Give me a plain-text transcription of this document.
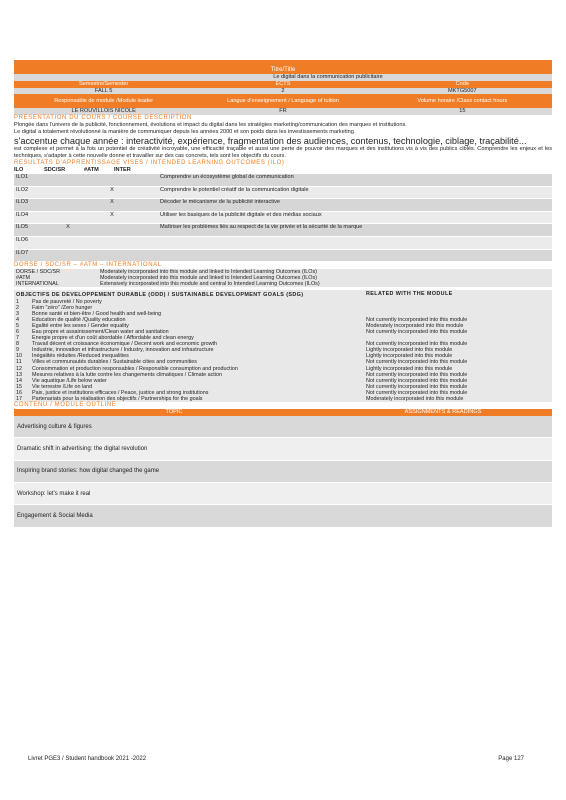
Titre/Title
Le digital dans la communication publicitaire
Semestre/Semester	ECTS	Code
FALL 5	2	MKTG5007
Responsable de module /Module leader	Langue d'enseignement / Language of tuition	Volume horaire /Class contact hours
LE ROUVILLOIS NICOLE	FR	15
PRESENTATION DU COURS / COURSE DESCRIPTION
Plongée dans l'univers de la publicité, fonctionnement, évolutions et impact du digital dans les stratégies marketing/communication des marques et institutions.
Le digital a totalement révolutionné la manière de communiquer depuis les années 2000 et son poids dans les investissements marketing
s'accentue chaque année : interactivité, expérience, fragmentation des audiences, contenus, technologie, ciblage, traçabilité...
est complexe et permet à la fois un potentiel de créativité incroyable, une efficacité traçable et aussi une perte de pouvoir des marques et des institutions vis à vis des publics ciblés. Comprendre les enjeux et les techniques, s'adapter à cette nouvelle donne et travailler sur des cas concrets, tels sont les objectifs du cours.
RESULTATS D'APPRENTISSAGE VISES / INTENDED LEARNING OUTCOMES (ILO)
ILO	SDC/SR	#ATM	INTER
ILO1				Comprendre un écosystème global de communication
ILO2		X		Comprendre le potentiel créatif de la communication digitale
ILO3		X		Décoder le mécanisme de la publicité interactive
ILO4		X		Utiliser les basiques de la publicité digitale et des médias sociaux
ILO5	X			Maîtriser les problèmes liés au respect de la vie privée et la sécurité de la marque
ILO6				
ILO7				
DORSE / SDC/SR – #ATM – INTERNATIONAL
DORSE / SDC/SR	Moderately incorporated into this module and linked to Intended Learning Outcomes (ILOs)
#ATM	Moderately incorporated into this module and linked to Intended Learning Outcomes (ILOs)
INTERNATIONAL	Extensively incorporated into this module and central to Intended Learning Outcomes (ILOs)
OBJECTIFS DE DEVELOPPEMENT DURABLE (ODD) / SUSTAINABLE DEVELOPMENT GOALS (SDG)		RELATED WITH THE MODULE
1	Pas de pauvreté / No poverty	
2	Faim "zéro" /Zero hunger	
3	Bonne santé et bien-être / Good health and well-being	
4	Education de qualité /Quality education	Not currently incorporated into this module
5	Egalité entre les sexes / Gender equality	Moderately incorporated into this module
6	Eau propre et assainissement/Clean water and sanitation	Not currently incorporated into this module
7	Energie propre et d'un coût abordable / Affordable and clean energy	
8	Travail décent et croissance économique / Decent work and economic growth	Not currently incorporated into this module
9	Industrie, innovation et infrastructure / Industry, innovation and infrastructure	Lightly incorporated into this module
10	Inégalités réduites /Reduced inequalities	Lightly incorporated into this module
11	Villes et communautés durables / Sustainable cities and communities	Not currently incorporated into this module
12	Consommation et production responsables / Responsible consumption and production	Lightly incorporated into this module
13	Mesures relatives à la lutte contre les changements climatiques / Climate action	Not currently incorporated into this module
14	Vie aquatique /Life below water	Not currently incorporated into this module
15	Vie terrestre /Life on land	Not currently incorporated into this module
16	Paix, justice et institutions efficaces / Peace, justice and strong institutions	Not currently incorporated into this module
17	Partenariats pour la réalisation des objectifs / Partnerships for the goals	Moderately incorporated into this module
CONTENU / MODULE OUTLINE
TOPIC	ASSIGNMENTS & READINGS
Advertising culture & figures	
Dramatic shift in advertising: the digital revolution	
Inspiring brand stories: how digital changed the game	
Workshop: let's make it real	
Engagement & Social Media	
Livret PGE3 / Student handbook 2021 -2022	Page 127
